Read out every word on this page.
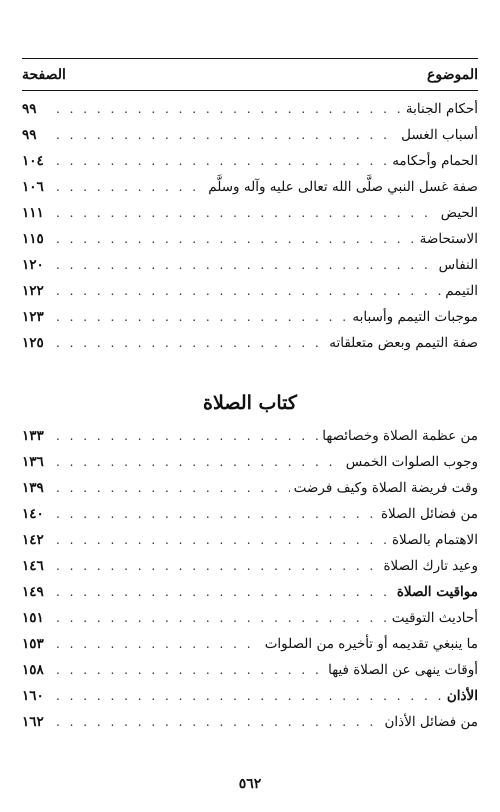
الموضوع
الصفحة
أحكام الجنابة
. . .
٩٩
أسباب الغسل
. . .
٩٩
الحمام وأحكامه
. . .
١٠٤
صفة غسل النبي صلَّى الله تعالى عليه وآله وسلَّم
. . .
١٠٦
الحيض
. . .
١١١
الاستحاضة
. . .
١١٥
النفاس
. . .
١٢٠
التيمم
. . .
١٢٢
موجبات التيمم وأسبابه
. . .
١٢٣
صفة التيمم وبعض متعلقاته
. . .
١٢٥
كتاب الصلاة
من عظمة الصلاة وخصائصها
. . .
١٣٣
وجوب الصلوات الخمس
. . .
١٣٦
وقت فريضة الصلاة وكيف فرضت
. . .
١٣٩
من فضائل الصلاة
. . .
١٤٠
الاهتمام بالصلاة
. . .
١٤٢
وعيد تارك الصلاة
. . .
١٤٦
مواقيت الصلاة
. . .
١٤٩
أحاديث التوقيت
. . .
١٥١
ما ينبغي تقديمه أو تأخيره من الصلوات
. . .
١٥٣
أوقات ينهى عن الصلاة فيها
. . .
١٥٨
الأذان
. . .
١٦٠
من فضائل الأذان
. . .
١٦٢
٥٦٢
